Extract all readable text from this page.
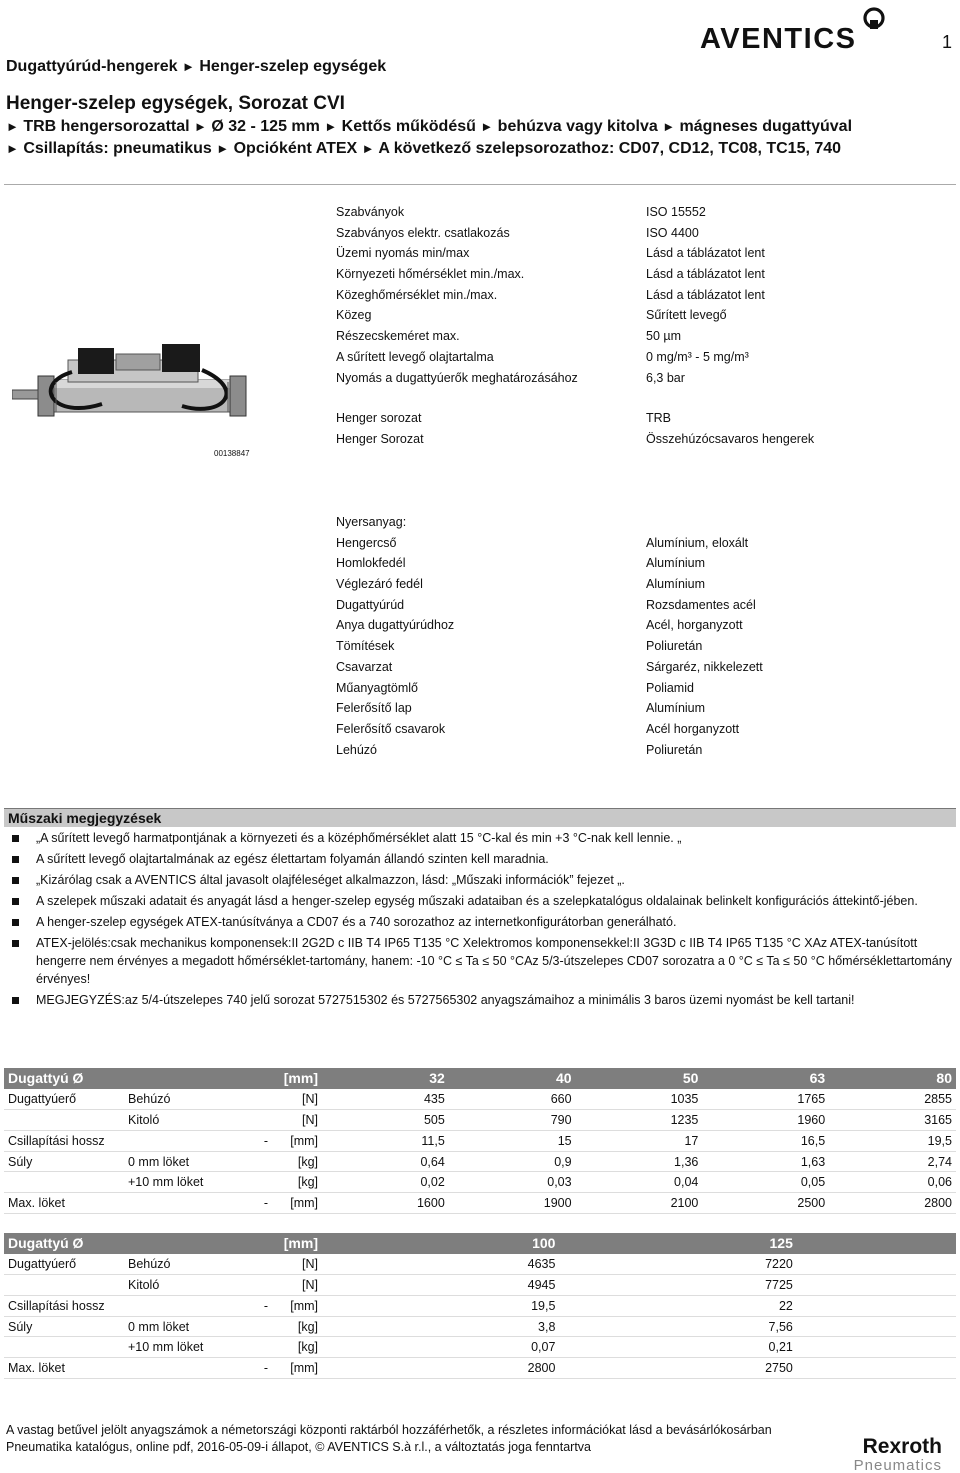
1
AVENTICS
Dugattyúrúd-hengerek ► Henger-szelep egységek
Henger-szelep egységek, Sorozat CVI
► TRB hengersorozattal ► Ø 32 - 125 mm ► Kettős működésű ► behúzva vagy kitolva ► mágneses dugattyúval
► Csillapítás: pneumatikus ► Opcióként ATEX ► A következő szelepsorozathoz: CD07, CD12, TC08, TC15, 740
00138847
Szabványok	ISO 15552
Szabványos elektr. csatlakozás	ISO 4400
Üzemi nyomás min/max	Lásd a táblázatot lent
Környezeti hőmérséklet min./max.	Lásd a táblázatot lent
Közeghőmérséklet min./max.	Lásd a táblázatot lent
Közeg	Sűrített levegő
Részecskeméret max.	50 µm
A sűrített levegő olajtartalma	0 mg/m³ - 5 mg/m³
Nyomás a dugattyúerők meghatározásához	6,3 bar
Henger sorozat	TRB
Henger Sorozat	Összehúzócsavaros hengerek
Nyersanyag:
Hengercső	Alumínium, eloxált
Homlokfedél	Alumínium
Véglezáró fedél	Alumínium
Dugattyúrúd	Rozsdamentes acél
Anya dugattyúrúdhoz	Acél, horganyzott
Tömítések	Poliuretán
Csavarzat	Sárgaréz, nikkelezett
Műanyagtömlő	Poliamid
Felerősítő lap	Alumínium
Felerősítő csavarok	Acél horganyzott
Lehúzó	Poliuretán
Műszaki megjegyzések
„A sűrített levegő harmatpontjának a környezeti és a középhőmérséklet alatt 15 °C-kal és min +3 °C-nak kell lennie. „
A sűrített levegő olajtartalmának az egész élettartam folyamán állandó szinten kell maradnia.
„Kizárólag csak a AVENTICS által javasolt olajféleséget alkalmazzon, lásd: „Műszaki információk” fejezet „.
A szelepek műszaki adatait és anyagát lásd a henger-szelep egység műszaki adataiban és a szelepkatalógus oldalainak belinkelt konfigurációs áttekintő-jében.
A henger-szelep egységek ATEX-tanúsítványa a CD07 és a 740 sorozathoz az internetkonfigurátorban generálható.
ATEX-jelölés:csak mechanikus komponensek:II 2G2D c IIB T4 IP65 T135 °C Xelektromos komponensekkel:II 3G3D c IIB T4 IP65 T135 °C XAz ATEX-tanúsított hengerre nem érvényes a megadott hőmérséklet-tartomány, hanem: -10 °C ≤ Ta ≤ 50 °CAz 5/3-útszelepes CD07 sorozatra a 0 °C ≤ Ta ≤ 50 °C hőmérséklettartomány érvényes!
MEGJEGYZÉS:az 5/4-útszelepes 740 jelű sorozat 5727515302 és 5727565302 anyagszámaihoz a minimális 3 baros üzemi nyomást be kell tartani!
Dugattyú Ø			[mm]	32	40	50	63	80
Dugattyúerő	Behúzó		[N]	435	660	1035	1765	2855
	Kitoló		[N]	505	790	1235	1960	3165
Csillapítási hossz		-	[mm]	11,5	15	17	16,5	19,5
Súly	0 mm löket		[kg]	0,64	0,9	1,36	1,63	2,74
	+10 mm löket		[kg]	0,02	0,03	0,04	0,05	0,06
Max. löket		-	[mm]	1600	1900	2100	2500	2800
Dugattyú Ø			[mm]	100	125			
Dugattyúerő	Behúzó		[N]	4635	7220			
	Kitoló		[N]	4945	7725			
Csillapítási hossz		-	[mm]	19,5	22			
Súly	0 mm löket		[kg]	3,8	7,56			
	+10 mm löket		[kg]	0,07	0,21			
Max. löket		-	[mm]	2800	2750			
A vastag betűvel jelölt anyagszámok a németországi központi raktárból hozzáférhetők, a részletes információkat lásd a bevásárlókosárban
Pneumatika katalógus, online pdf, 2016-05-09-i állapot, © AVENTICS S.à r.l., a változtatás joga fenntartva	Rexroth
Pneumatics
